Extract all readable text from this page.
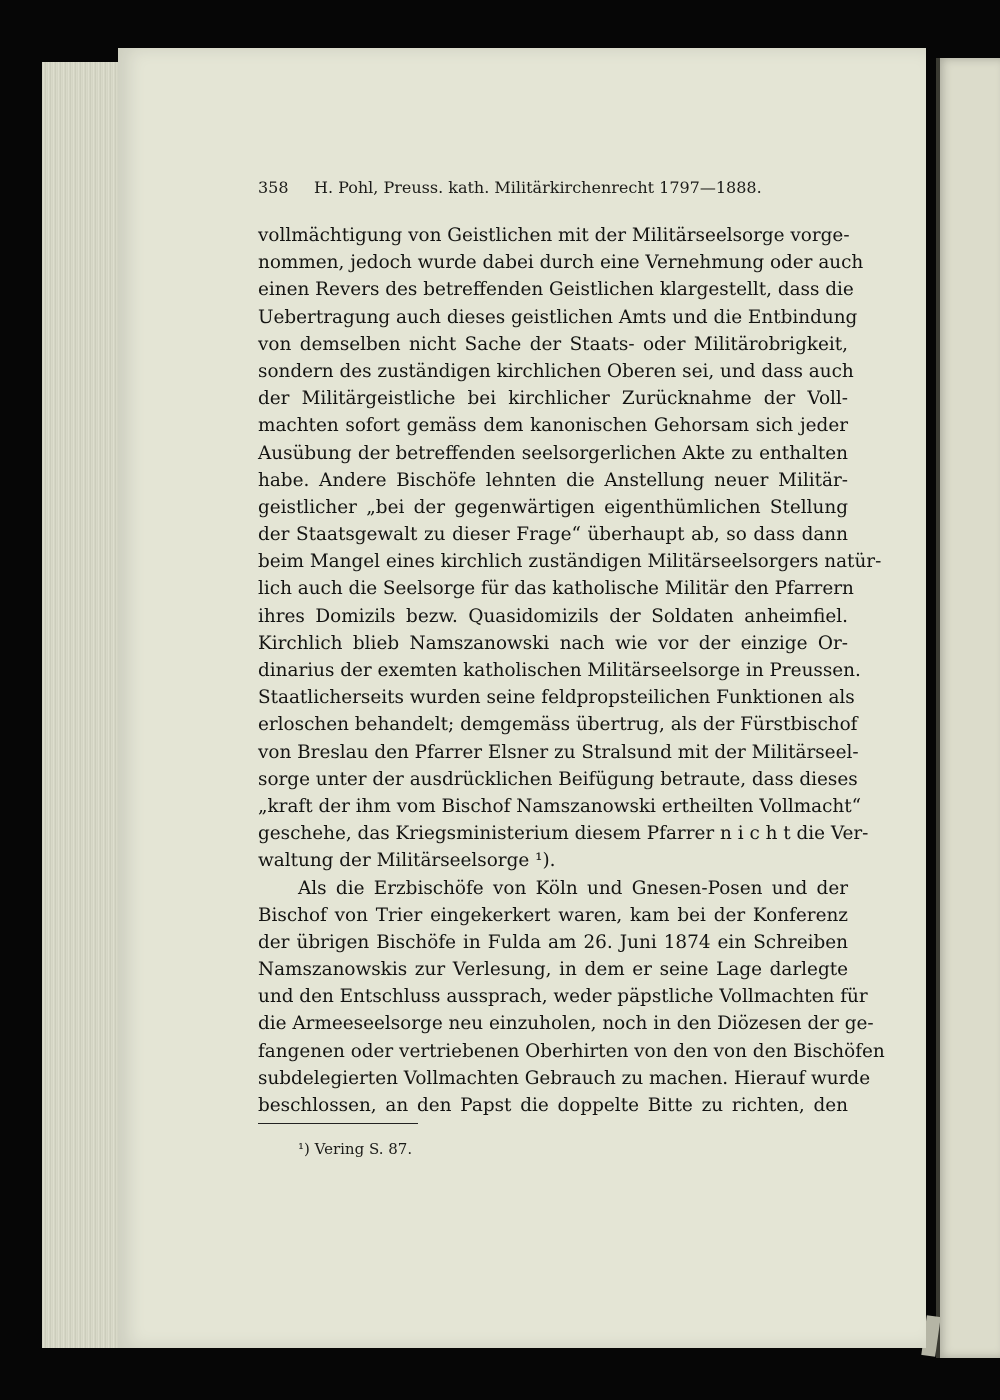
358 H. Pohl, Preuss. kath. Militärkirchenrecht 1797—1888.
vollmächtigung von Geistlichen mit der Militärseelsorge vorge-
nommen, jedoch wurde dabei durch eine Vernehmung oder auch
einen Revers des betreffenden Geistlichen klargestellt, dass die
Uebertragung auch dieses geistlichen Amts und die Entbindung
von demselben nicht Sache der Staats- oder Militärobrigkeit,
sondern des zuständigen kirchlichen Oberen sei, und dass auch
der Militärgeistliche bei kirchlicher Zurücknahme der Voll-
machten sofort gemäss dem kanonischen Gehorsam sich jeder
Ausübung der betreffenden seelsorgerlichen Akte zu enthalten
habe. Andere Bischöfe lehnten die Anstellung neuer Militär-
geistlicher „bei der gegenwärtigen eigenthümlichen Stellung
der Staatsgewalt zu dieser Frage“ überhaupt ab, so dass dann
beim Mangel eines kirchlich zuständigen Militärseelsorgers natür-
lich auch die Seelsorge für das katholische Militär den Pfarrern
ihres Domizils bezw. Quasidomizils der Soldaten anheimfiel.
Kirchlich blieb Namszanowski nach wie vor der einzige Or-
dinarius der exemten katholischen Militärseelsorge in Preussen.
Staatlicherseits wurden seine feldpropsteilichen Funktionen als
erloschen behandelt; demgemäss übertrug, als der Fürstbischof
von Breslau den Pfarrer Elsner zu Stralsund mit der Militärseel-
sorge unter der ausdrücklichen Beifügung betraute, dass dieses
„kraft der ihm vom Bischof Namszanowski ertheilten Vollmacht“
geschehe, das Kriegsministerium diesem Pfarrer n i c h t die Ver-
waltung der Militärseelsorge ¹).
Als die Erzbischöfe von Köln und Gnesen-Posen und der
Bischof von Trier eingekerkert waren, kam bei der Konferenz
der übrigen Bischöfe in Fulda am 26. Juni 1874 ein Schreiben
Namszanowskis zur Verlesung, in dem er seine Lage darlegte
und den Entschluss aussprach, weder päpstliche Vollmachten für
die Armeeseelsorge neu einzuholen, noch in den Diözesen der ge-
fangenen oder vertriebenen Oberhirten von den von den Bischöfen
subdelegierten Vollmachten Gebrauch zu machen. Hierauf wurde
beschlossen, an den Papst die doppelte Bitte zu richten, den
¹) Vering S. 87.
